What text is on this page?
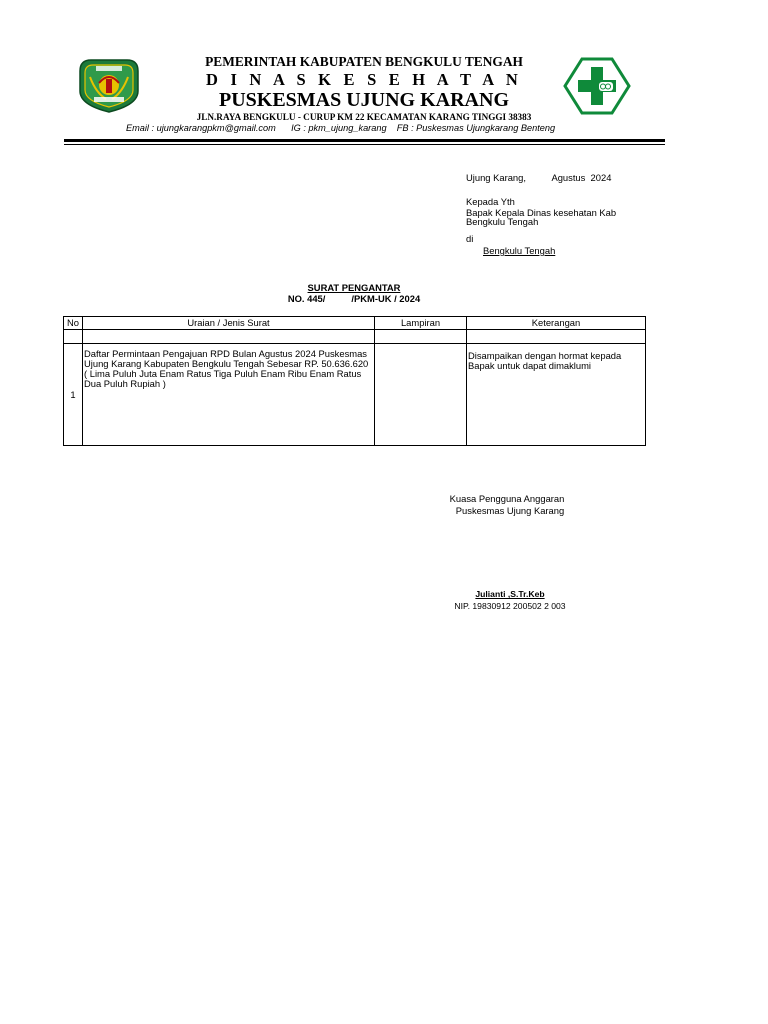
PEMERINTAH KABUPATEN BENGKULU TENGAH
D I N A S K E S E H A T A N
PUSKESMAS UJUNG KARANG
JLN.RAYA BENGKULU - CURUP KM 22 KECAMATAN KARANG TINGGI 38383
Email : ujungkarangpkm@gmail.com      IG : pkm_ujung_karang    FB : Puskesmas Ujungkarang Benteng
Ujung Karang,          Agustus  2024
Kepada Yth
Bapak Kepala Dinas kesehatan Kab
Bengkulu Tengah
di
Bengkulu Tengah
SURAT PENGANTAR
NO. 445/          /PKM-UK / 2024
No	Uraian / Jenis Surat	Lampiran	Keterangan

1	Daftar Permintaan Pengajuan RPD Bulan Agustus 2024 Puskesmas Ujung Karang Kabupaten Bengkulu Tengah Sebesar RP. 50.636.620 ( Lima Puluh Juta Enam Ratus Tiga Puluh Enam Ribu Enam Ratus Dua Puluh Rupiah )		Disampaikan dengan hormat kepada Bapak untuk dapat dimaklumi
Kuasa Pengguna Anggaran
Puskesmas Ujung Karang
Julianti ,S.Tr.Keb
NIP. 19830912 200502 2 003
